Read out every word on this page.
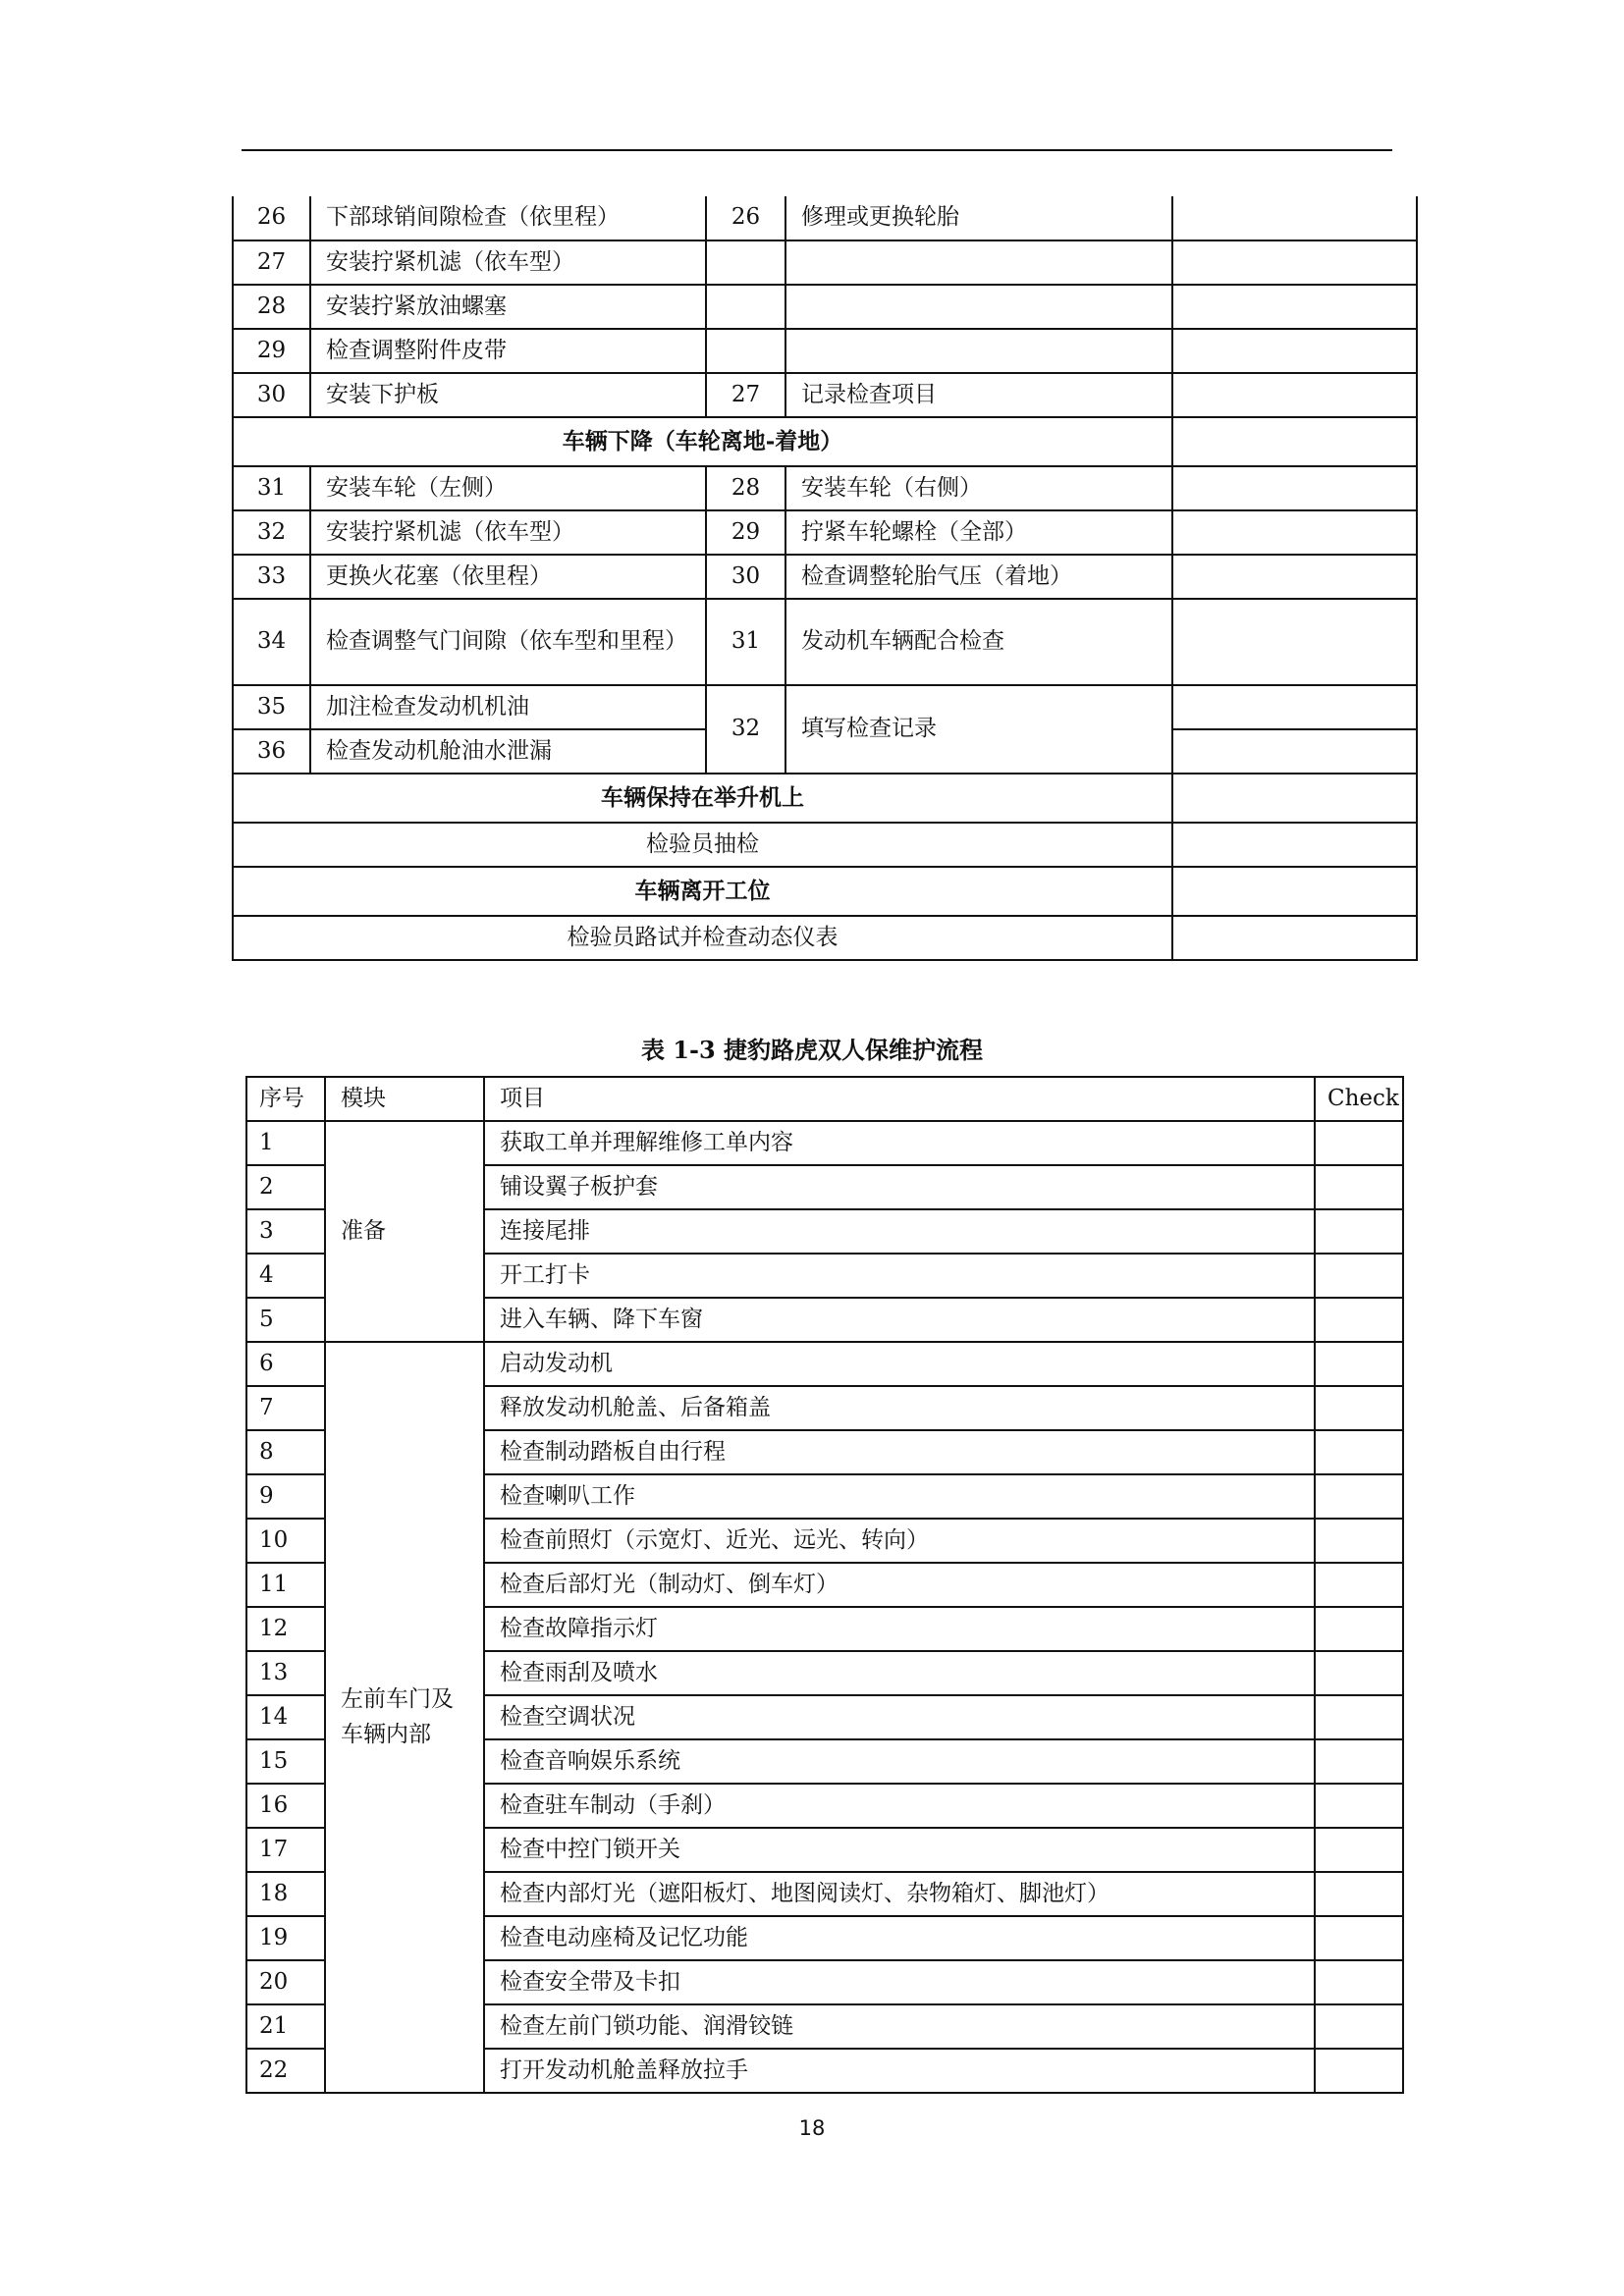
26	下部球销间隙检查（依里程）	26	修理或更换轮胎	
27	安装拧紧机滤（依车型）			
28	安装拧紧放油螺塞			
29	检查调整附件皮带			
30	安装下护板	27	记录检查项目	
车辆下降（车轮离地-着地）				
31	安装车轮（左侧）	28	安装车轮（右侧）	
32	安装拧紧机滤（依车型）	29	拧紧车轮螺栓（全部）	
33	更换火花塞（依里程）	30	检查调整轮胎气压（着地）	
34	检查调整气门间隙（依车型和里程）	31	发动机车辆配合检查	
35	加注检查发动机机油	32	填写检查记录	
36	检查发动机舱油水泄漏			
车辆保持在举升机上				
检验员抽检				
车辆离开工位				
检验员路试并检查动态仪表				
表 1-3 捷豹路虎双人保维护流程
序号	模块	项目	Check
1	准备	获取工单并理解维修工单内容	
2		铺设翼子板护套	
3		连接尾排	
4		开工打卡	
5		进入车辆、降下车窗	
6	左前车门及车辆内部	启动发动机	
7		释放发动机舱盖、后备箱盖	
8		检查制动踏板自由行程	
9		检查喇叭工作	
10		检查前照灯（示宽灯、近光、远光、转向）	
11		检查后部灯光（制动灯、倒车灯）	
12		检查故障指示灯	
13		检查雨刮及喷水	
14		检查空调状况	
15		检查音响娱乐系统	
16		检查驻车制动（手刹）	
17		检查中控门锁开关	
18		检查内部灯光（遮阳板灯、地图阅读灯、杂物箱灯、脚池灯）	
19		检查电动座椅及记忆功能	
20		检查安全带及卡扣	
21		检查左前门锁功能、润滑铰链	
22		打开发动机舱盖释放拉手	
18
